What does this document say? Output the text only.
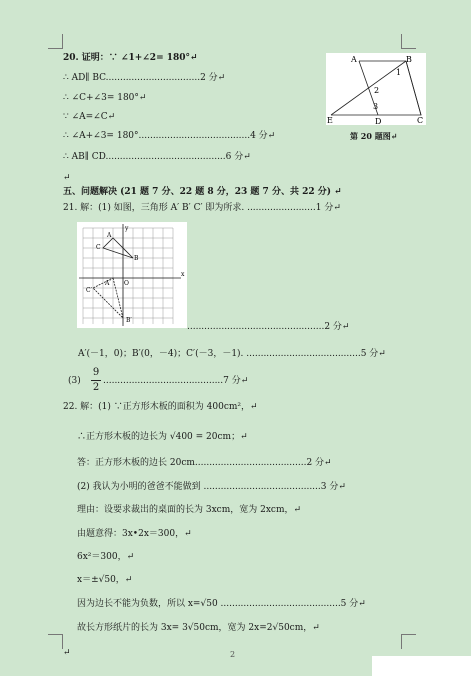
20. 证明：∵ ∠1+∠2= 180°↵
∴ AD∥ BC.................................2 分↵
∴ ∠C+∠3= 180°↵
∵ ∠A=∠C↵
∴ ∠A+∠3= 180°.......................................4 分↵
∴ AB∥ CD..........................................6 分↵
↵
A	B
1
2
3
E	D	C
第 20 题图↵
五、问题解决 (21 题 7 分、22 题 8 分，23 题 7 分、共 22 分) ↵
21. 解：(1) 如图，三角形 A′ B′ C′ 即为所求. ........................1 分↵
x
y
O
A
B
C
A′
B′
C′
................................................2 分↵
A′(－1，0)；B′(0，－4)；C′(－3，－1). ........................................5 分↵
(3)
9
2
..........................................7 分↵
22. 解：(1) ∵正方形木板的面积为 400cm²，↵
∴正方形木板的边长为 √400 = 20cm；↵
答：正方形木板的边长 20cm.......................................2 分↵
(2) 我认为小明的爸爸不能做到 .........................................3 分↵
理由：设要求裁出的桌面的长为 3xcm，宽为 2xcm，↵
由题意得：3x•2x＝300，↵
6x²＝300，↵
x＝±√50，↵
因为边长不能为负数，所以 x=√50 ..........................................5 分↵
故长方形纸片的长为 3x= 3√50cm，宽为 2x=2√50cm，↵
↵	2
